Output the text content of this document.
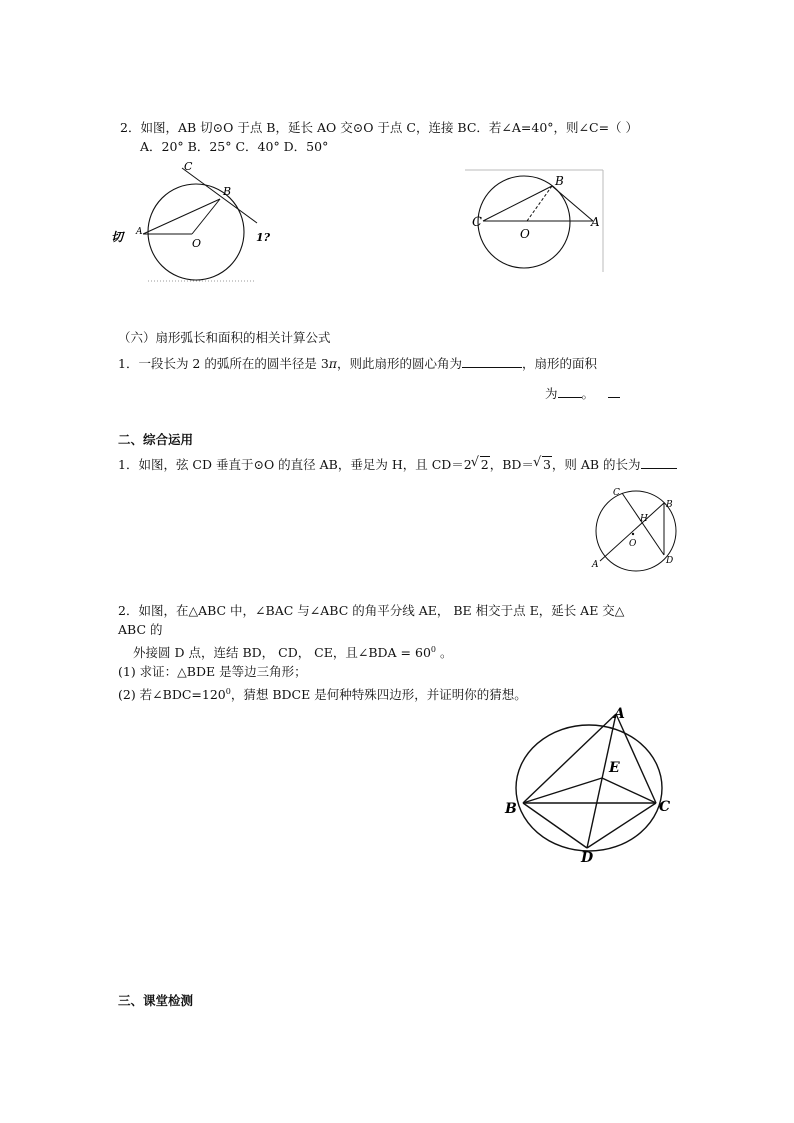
2．如图，AB 切⊙O 于点 B，延长 AO 交⊙O 于点 C，连接 BC．若∠A=40°，则∠C=（ ）
A．20° B．25° C．40° D．50°
C
B
A
O
切	1?
B
C	A
O
（六）扇形弧长和面积的相关计算公式
1．一段长为 2 的弧所在的圆半径是 3π，则此扇形的圆心角为	，扇形的面积
为 。
二、综合运用
1．如图，弦 CD 垂直于⊙O 的直径 AB，垂足为 H，且 CD＝2 √ 2，BD＝ √ 3，则 AB 的长为
C
B
H
O
A	D
2．如图，在△ABC 中，∠BAC 与∠ABC 的角平分线 AE， BE 相交于点 E，延长 AE 交△
ABC 的
外接圆 D 点，连结 BD， CD， CE，且∠BDA = $60^0$ 。
(1) 求证：△BDE 是等边三角形；
(2) 若$\angle BDC=120^0$，猜想 BDCE 是何种特殊四边形，并证明你的猜想。
A
E
B	C
D
三、课堂检测
